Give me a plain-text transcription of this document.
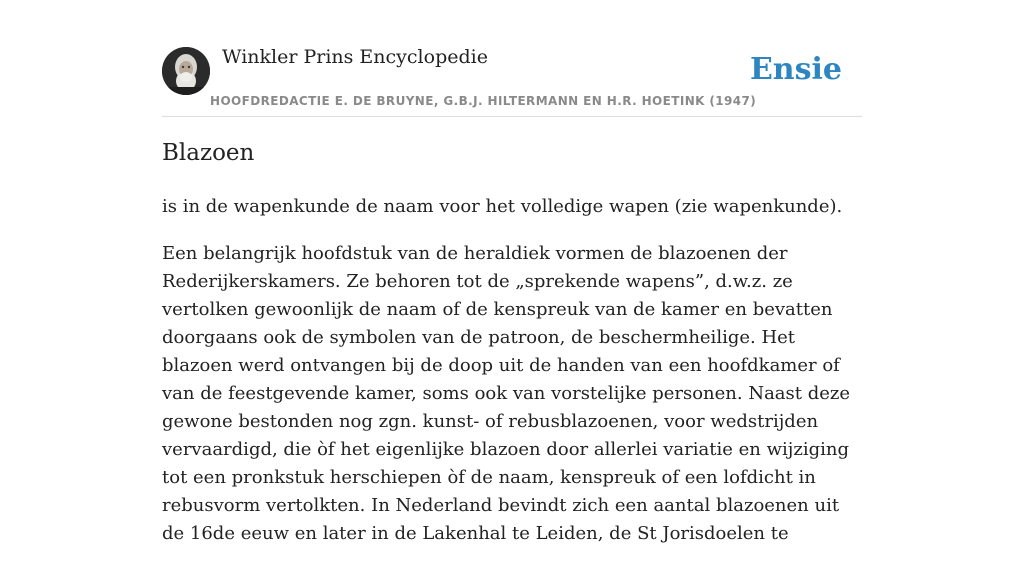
Winkler Prins Encyclopedie
HOOFDREDACTIE E. DE BRUYNE, G.B.J. HILTERMANN EN H.R. HOETINK (1947)
Ensie
Blazoen

is in de wapenkunde de naam voor het volledige wapen (zie wapenkunde).

Een belangrijk hoofdstuk van de heraldiek vormen de blazoenen der Rederijkerskamers. Ze behoren tot de „sprekende wapens”, d.w.z. ze vertolken gewoonlijk de naam of de kenspreuk van de kamer en bevatten doorgaans ook de symbolen van de patroon, de beschermheilige. Het blazoen werd ontvangen bij de doop uit de handen van een hoofdkamer of van de feestgevende kamer, soms ook van vorstelijke personen. Naast deze gewone bestonden nog zgn. kunst- of rebusblazoenen, voor wedstrijden vervaardigd, die òf het eigenlijke blazoen door allerlei variatie en wijziging tot een pronkstuk herschiepen òf de naam, kenspreuk of een lofdicht in rebusvorm vertolkten. In Nederland bevindt zich een aantal blazoenen uit de 16de eeuw en later in de Lakenhal te Leiden, de St Jorisdoelen te
